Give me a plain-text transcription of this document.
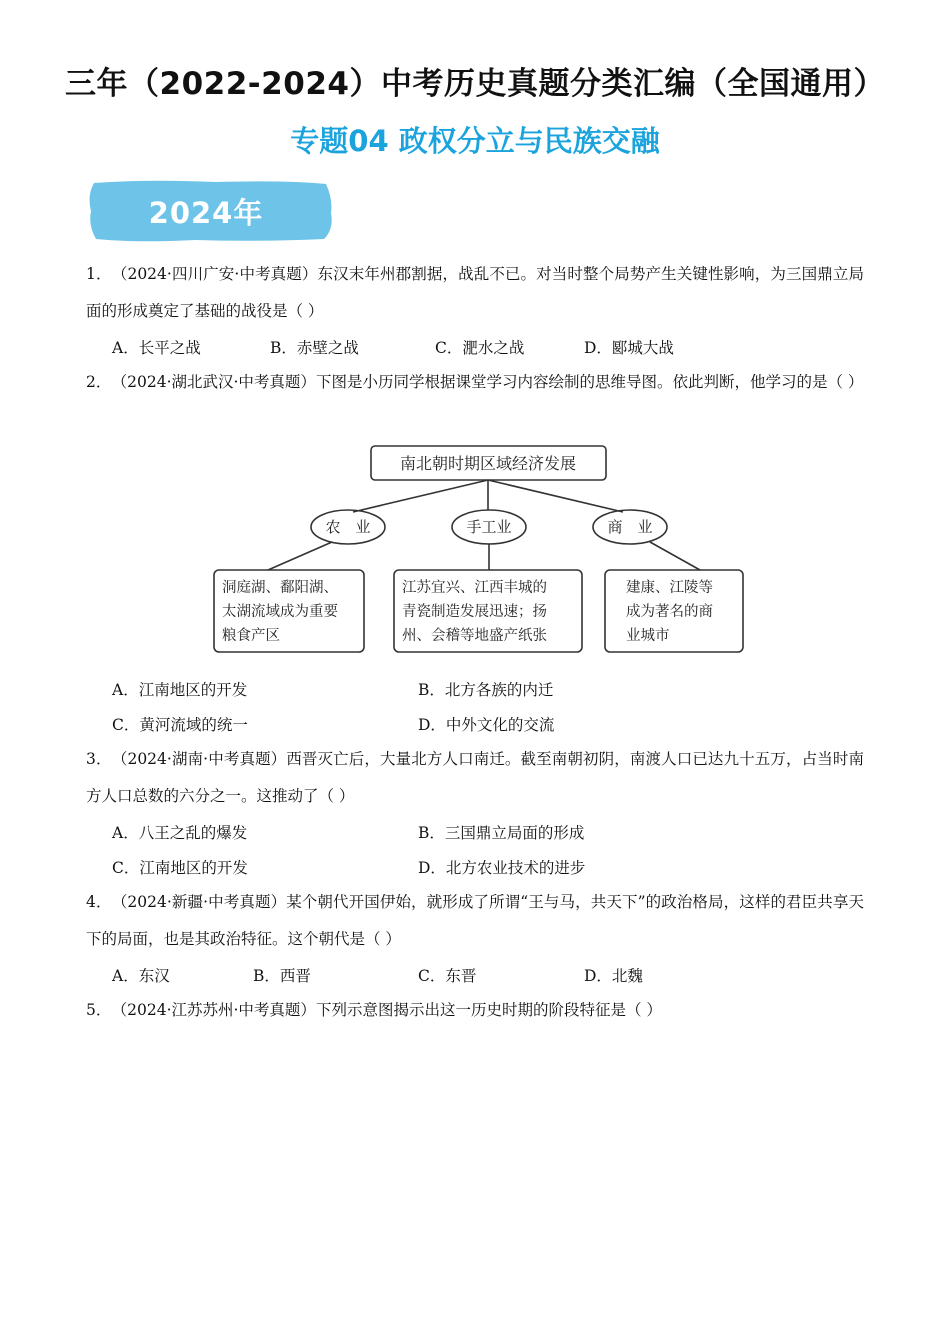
三年（2022-2024）中考历史真题分类汇编（全国通用）
专题04 政权分立与民族交融
2024年
1． （2024·四川广安·中考真题）东汉末年州郡割据，战乱不已。对当时整个局势产生关键性影响，为三国鼎立局面的形成奠定了基础的战役是（ ）
A．长平之战	B．赤壁之战	C．淝水之战	D．郾城大战
2． （2024·湖北武汉·中考真题）下图是小历同学根据课堂学习内容绘制的思维导图。依此判断，他学习的是（ ）
南北朝时期区域经济发展
农　业	手工业	商　业
洞庭湖、鄱阳湖、
太湖流域成为重要
粮食产区
江苏宜兴、江西丰城的
青瓷制造发展迅速；扬
州、会稽等地盛产纸张
建康、江陵等
成为著名的商
业城市
A．江南地区的开发	B．北方各族的内迁
C．黄河流域的统一	D．中外文化的交流
3． （2024·湖南·中考真题）西晋灭亡后，大量北方人口南迁。截至南朝初阴，南渡人口已达九十五万，占当时南方人口总数的六分之一。这推动了（ ）
A．八王之乱的爆发	B．三国鼎立局面的形成
C．江南地区的开发	D．北方农业技术的进步
4． （2024·新疆·中考真题）某个朝代开国伊始，就形成了所谓“王与马，共天下”的政治格局，这样的君臣共享天下的局面，也是其政治特征。这个朝代是（ ）
A．东汉	B．西晋	C．东晋	D．北魏
5． （2024·江苏苏州·中考真题）下列示意图揭示出这一历史时期的阶段特征是（ ）
